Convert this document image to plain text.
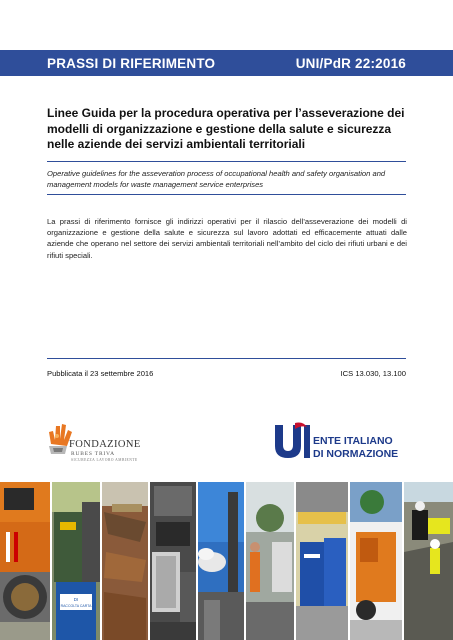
PRASSI DI RIFERIMENTO	UNI/PdR 22:2016
Linee Guida per la procedura operativa per l’asseverazione dei modelli di organizzazione e gestione della salute e sicurezza nelle aziende dei servizi ambientali territoriali
Operative guidelines for the asseveration process of occupational health and safety organisation and management models for waste management service enterprises
La prassi di riferimento fornisce gli indirizzi operativi per il rilascio dell’asseverazione dei modelli di organizzazione e gestione della salute e sicurezza sul lavoro adottati ed efficacemente attuati dalle aziende che operano nel settore dei servizi ambientali territoriali nell’ambito del ciclo dei rifiuti urbani e dei rifiuti speciali.
Pubblicata il 23 settembre 2016	ICS 13.030, 13.100
FONDAZIONE
RUBES TRIVA
SICUREZZA LAVORO AMBIENTE
ENTE ITALIANO
DI NORMAZIONE
DI
RACCOLTA CARTA
